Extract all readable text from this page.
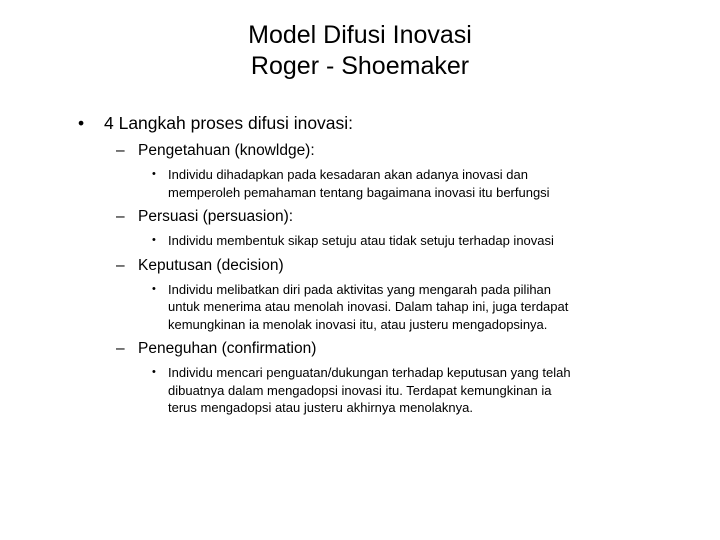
Model Difusi Inovasi
Roger - Shoemaker
• 4 Langkah proses difusi inovasi:
– Pengetahuan (knowldge):
• Individu dihadapkan pada kesadaran akan adanya inovasi dan
memperoleh pemahaman tentang bagaimana inovasi itu berfungsi
– Persuasi (persuasion):
• Individu membentuk sikap setuju atau tidak setuju terhadap inovasi
– Keputusan (decision)
• Individu melibatkan diri pada aktivitas yang mengarah pada pilihan
untuk menerima atau menolah inovasi. Dalam tahap ini, juga terdapat
kemungkinan ia menolak inovasi itu, atau justeru mengadopsinya.
– Peneguhan (confirmation)
• Individu mencari penguatan/dukungan terhadap keputusan yang telah
dibuatnya dalam mengadopsi inovasi itu. Terdapat kemungkinan ia
terus mengadopsi atau justeru akhirnya menolaknya.
